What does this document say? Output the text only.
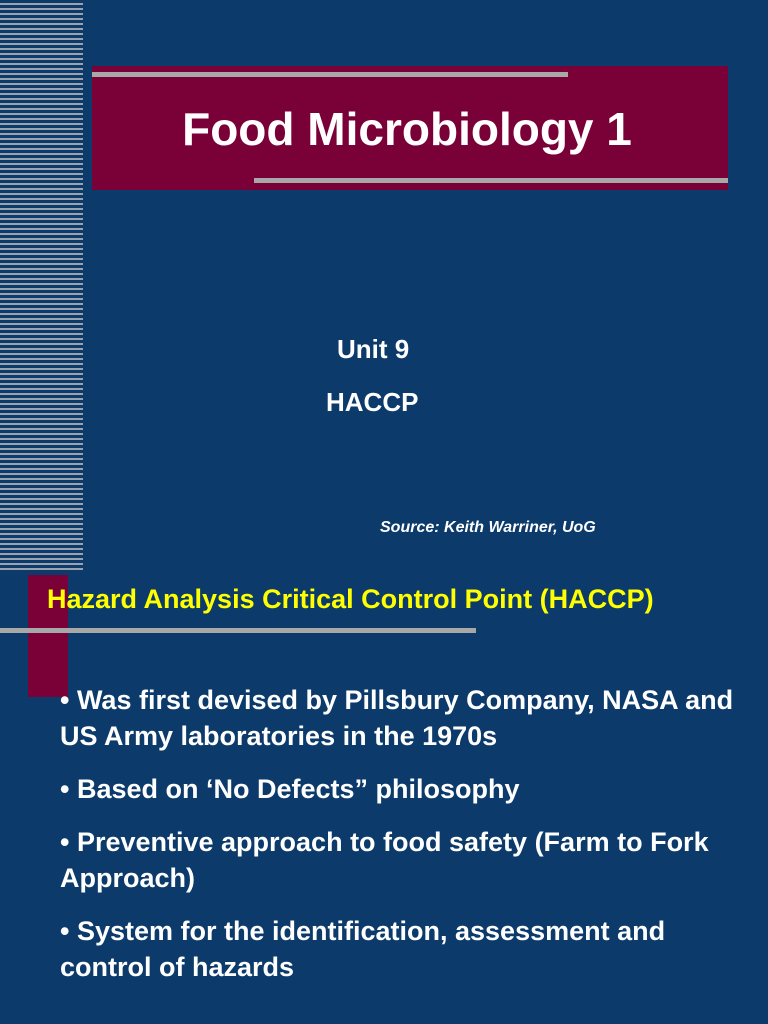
Food Microbiology 1
Unit 9
HACCP
Source: Keith Warriner, UoG
Hazard Analysis Critical Control Point (HACCP)
• Was first devised by Pillsbury Company, NASA and US Army laboratories in the 1970s
• Based on ‘No Defects” philosophy
• Preventive approach to food safety (Farm to Fork Approach)
• System for the identification, assessment and control of hazards
